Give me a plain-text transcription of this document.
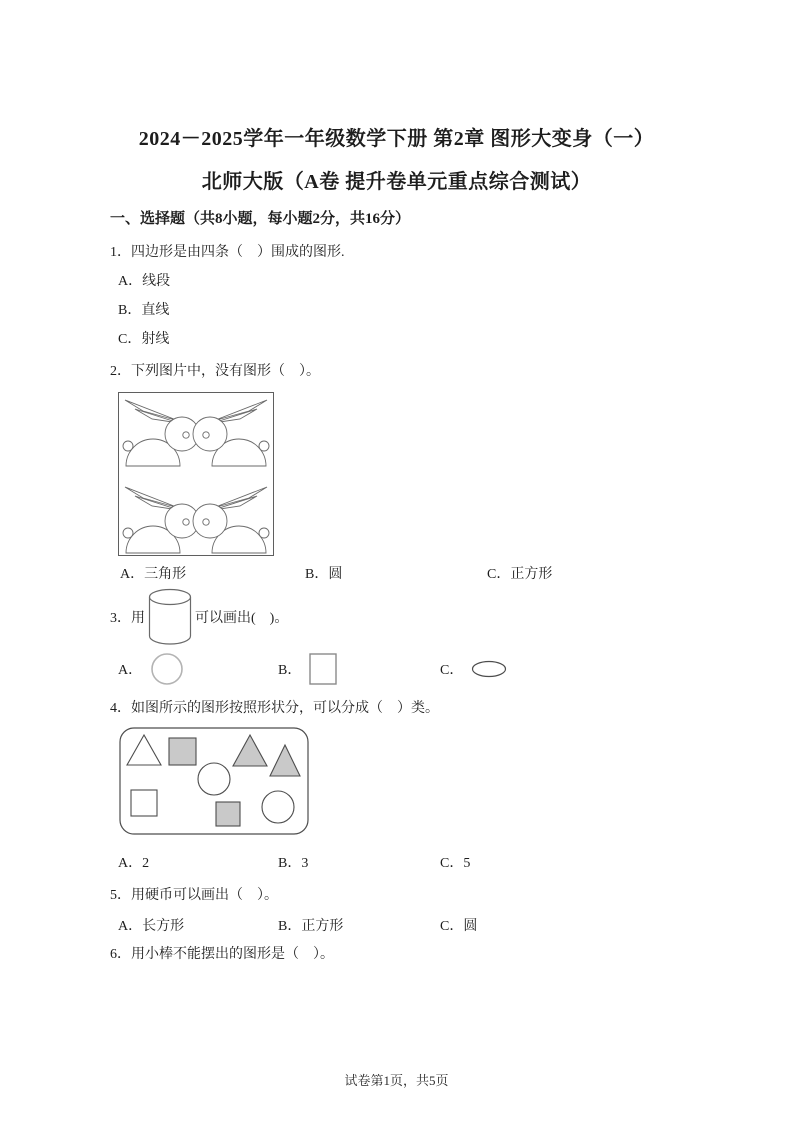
2024－2025学年一年级数学下册 第2章 图形大变身（一）
北师大版（A卷 提升卷单元重点综合测试）
一、选择题（共8小题，每小题2分，共16分）
1．四边形是由四条（　）围成的图形.
A．线段
B．直线
C．射线
2．下列图片中，没有图形（　）。
A．三角形	B．圆	C．正方形
3．用	可以画出(　)。
A．	B．	C．
4．如图所示的图形按照形状分，可以分成（　）类。
A．2	B．3	C．5
5．用硬币可以画出（　）。
A．长方形	B．正方形	C．圆
6．用小棒不能摆出的图形是（　）。
试卷第1页，共5页
